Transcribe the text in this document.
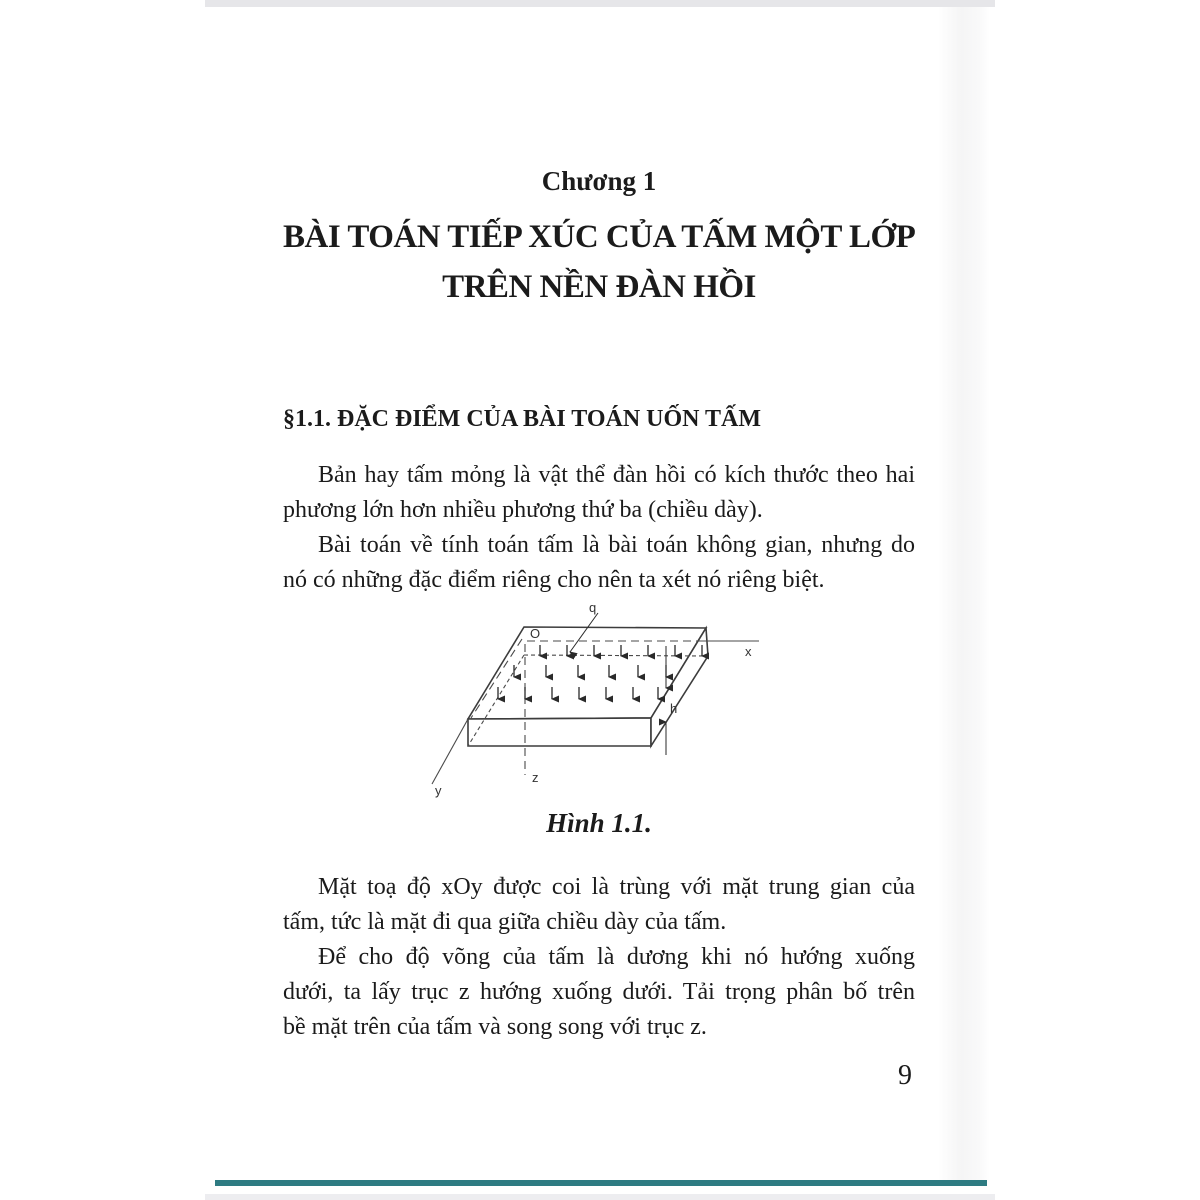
Chương 1
BÀI TOÁN TIẾP XÚC CỦA TẤM MỘT LỚP
TRÊN NỀN ĐÀN HỒI
§1.1. ĐẶC ĐIỂM CỦA BÀI TOÁN UỐN TẤM
Bản hay tấm mỏng là vật thể đàn hồi có kích thước theo hai
phương lớn hơn nhiều phương thứ ba (chiều dày).
Bài toán về tính toán tấm là bài toán không gian, nhưng do
nó có những đặc điểm riêng cho nên ta xét nó riêng biệt.
O
x
y
z
q
h
Hình 1.1.
Mặt toạ độ xOy được coi là trùng với mặt trung gian của
tấm, tức là mặt đi qua giữa chiều dày của tấm.
Để cho độ võng của tấm là dương khi nó hướng xuống
dưới, ta lấy trục z hướng xuống dưới. Tải trọng phân bố trên
bề mặt trên của tấm và song song với trục z.
9
